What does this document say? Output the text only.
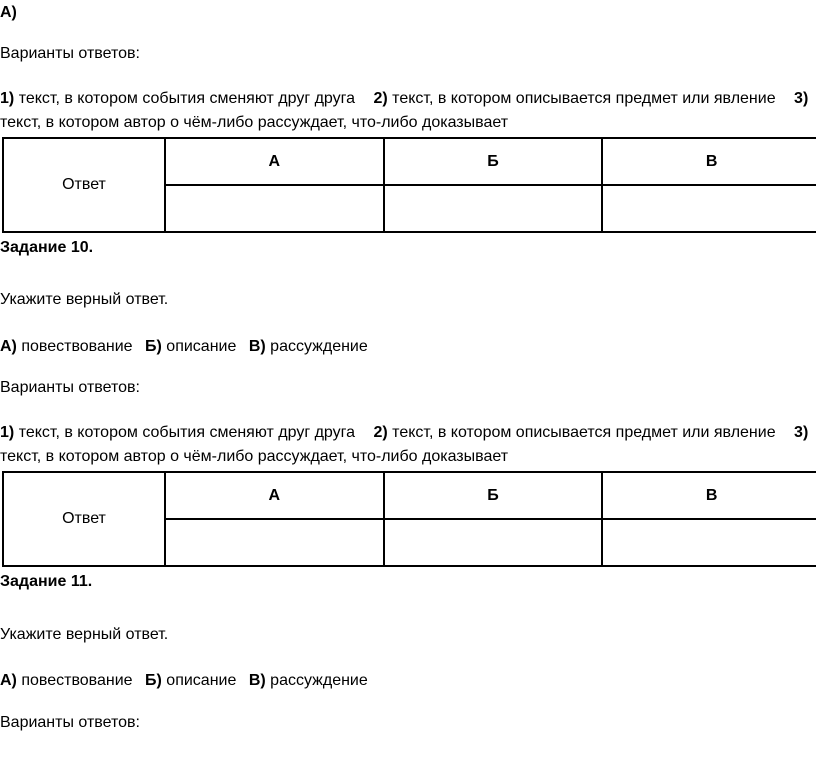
А)
Варианты ответов:
1) текст, в котором события сменяют друг друга 2) текст, в котором описывается предмет или явление 3)
текст, в котором автор о чём-либо рассуждает, что-либо доказывает
Ответ	А	Б	В

Задание 10.
Укажите верный ответ.
А) повествование Б) описание В) рассуждение
Варианты ответов:
1) текст, в котором события сменяют друг друга 2) текст, в котором описывается предмет или явление 3)
текст, в котором автор о чём-либо рассуждает, что-либо доказывает
Ответ	А	Б	В

Задание 11.
Укажите верный ответ.
А) повествование Б) описание В) рассуждение
Варианты ответов:
